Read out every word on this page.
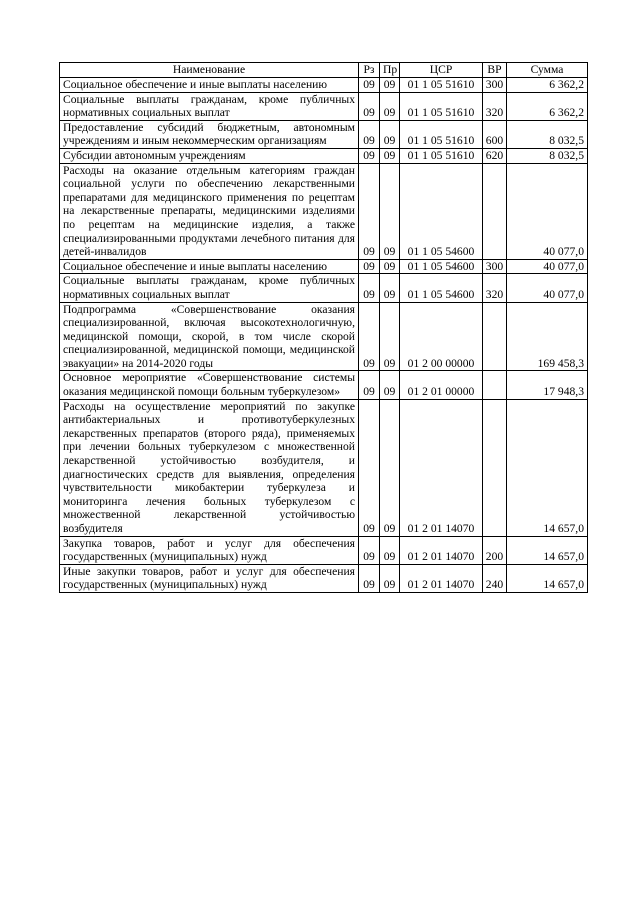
Наименование	Рз	Пр	ЦСР	ВР	Сумма
Социальное обеспечение и иные выплаты населению	09	09	01 1 05 51610	300	6 362,2
Социальные выплаты гражданам, кроме публичных нормативных социальных выплат	09	09	01 1 05 51610	320	6 362,2
Предоставление субсидий бюджетным, автономным учреждениям и иным некоммерческим организациям	09	09	01 1 05 51610	600	8 032,5
Субсидии автономным учреждениям	09	09	01 1 05 51610	620	8 032,5
Расходы на оказание отдельным категориям граждан социальной услуги по обеспечению лекарственными препаратами для медицинского применения по рецептам на лекарственные препараты, медицинскими изделиями по рецептам на медицинские изделия, а также специализированными продуктами лечебного питания для детей-инвалидов	09	09	01 1 05 54600		40 077,0
Социальное обеспечение и иные выплаты населению	09	09	01 1 05 54600	300	40 077,0
Социальные выплаты гражданам, кроме публичных нормативных социальных выплат	09	09	01 1 05 54600	320	40 077,0
Подпрограмма «Совершенствование оказания специализированной, включая высокотехнологичную, медицинской помощи, скорой, в том числе скорой специализированной, медицинской помощи, медицинской эвакуации» на 2014-2020 годы	09	09	01 2 00 00000		169 458,3
Основное мероприятие «Совершенствование системы оказания медицинской помощи больным туберкулезом»	09	09	01 2 01 00000		17 948,3
Расходы на осуществление мероприятий по закупке антибактериальных и противотуберкулезных лекарственных препаратов (второго ряда), применяемых при лечении больных туберкулезом с множественной лекарственной устойчивостью возбудителя, и диагностических средств для выявления, определения чувствительности микобактерии туберкулеза и мониторинга лечения больных туберкулезом с множественной лекарственной устойчивостью возбудителя	09	09	01 2 01 14070		14 657,0
Закупка товаров, работ и услуг для обеспечения государственных (муниципальных) нужд	09	09	01 2 01 14070	200	14 657,0
Иные закупки товаров, работ и услуг для обеспечения государственных (муниципальных) нужд	09	09	01 2 01 14070	240	14 657,0
